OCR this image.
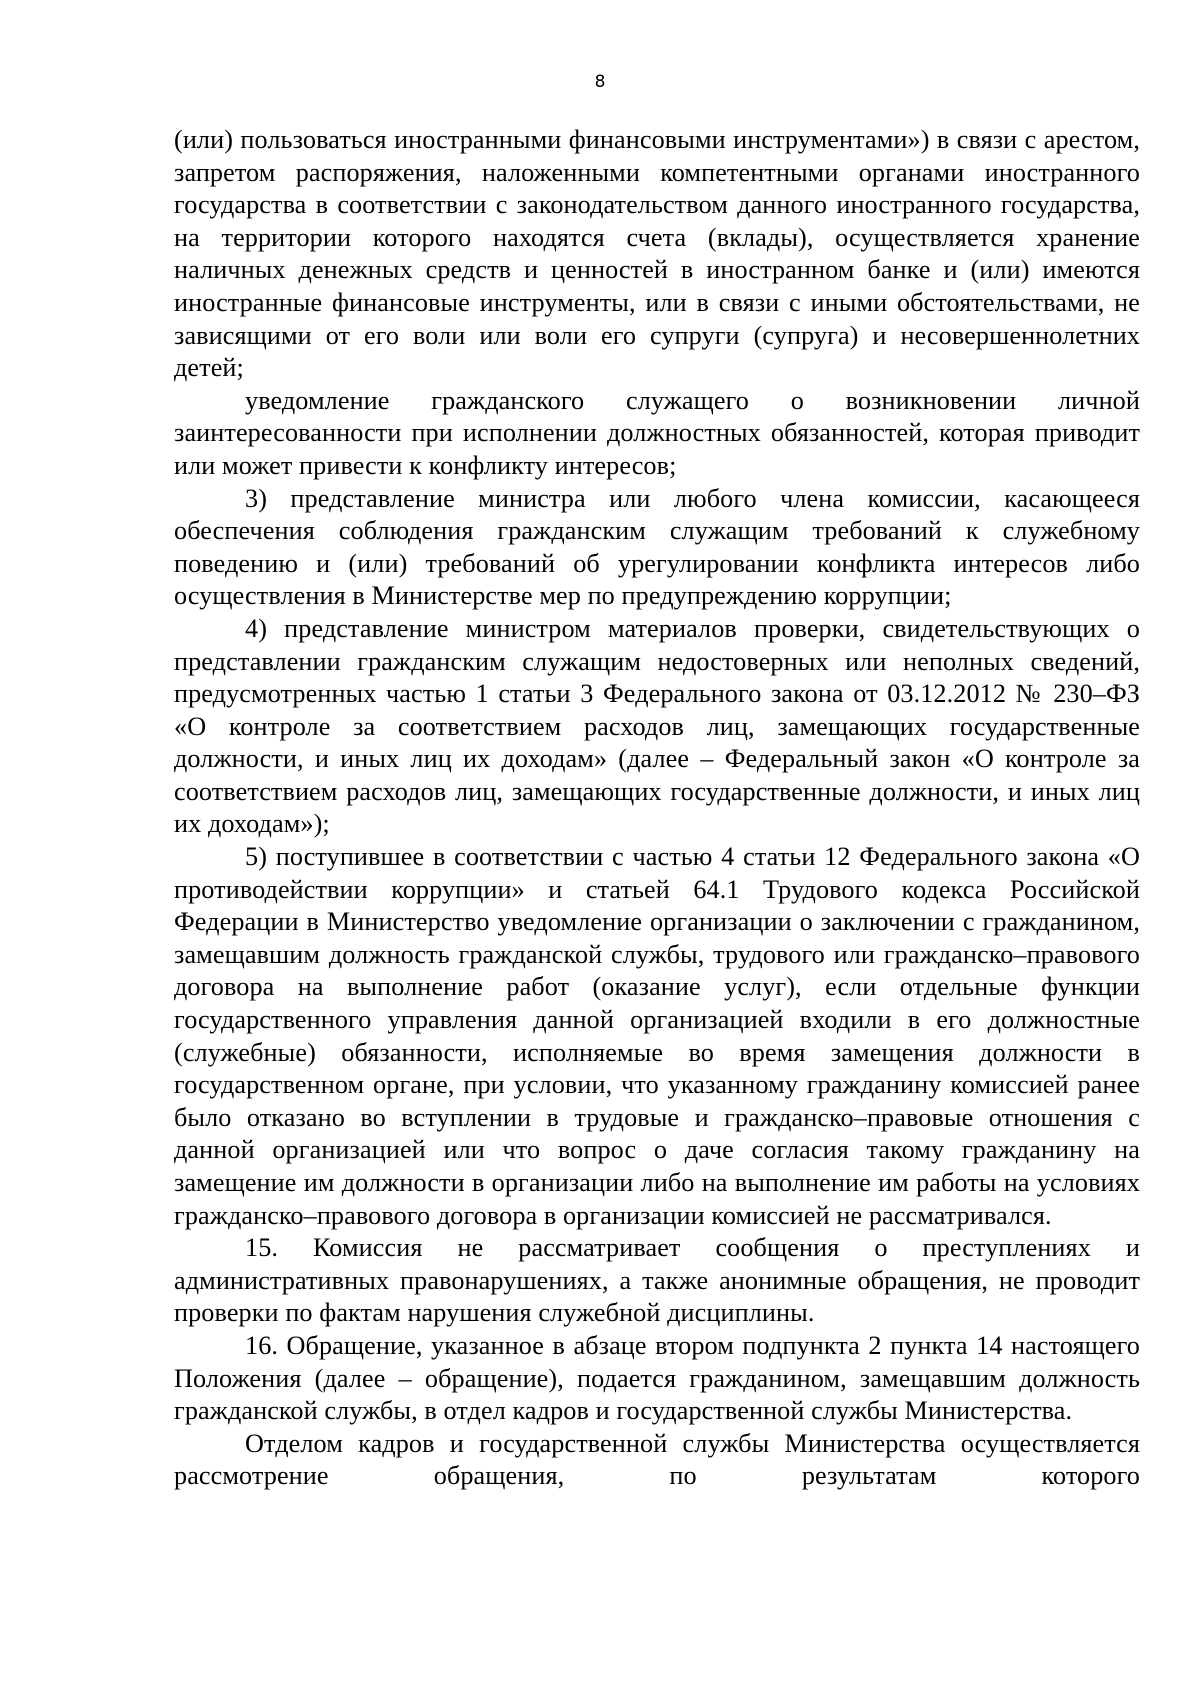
8

(или) пользоваться иностранными финансовыми инструментами») в связи с арестом, запретом распоряжения, наложенными компетентными органами иностранного государства в соответствии с законодательством данного иностранного государства, на территории которого находятся счета (вклады), осуществляется хранение наличных денежных средств и ценностей в иностранном банке и (или) имеются иностранные финансовые инструменты, или в связи с иными обстоятельствами, не зависящими от его воли или воли его супруги (супруга) и несовершеннолетних детей;

уведомление гражданского служащего о возникновении личной заинтересованности при исполнении должностных обязанностей, которая приводит или может привести к конфликту интересов;

3) представление министра или любого члена комиссии, касающееся обеспечения соблюдения гражданским служащим требований к служебному поведению и (или) требований об урегулировании конфликта интересов либо осуществления в Министерстве мер по предупреждению коррупции;

4) представление министром материалов проверки, свидетельствующих о представлении гражданским служащим недостоверных или неполных сведений, предусмотренных частью 1 статьи 3 Федерального закона от 03.12.2012 № 230–ФЗ «О контроле за соответствием расходов лиц, замещающих государственные должности, и иных лиц их доходам» (далее – Федеральный закон «О контроле за соответствием расходов лиц, замещающих государственные должности, и иных лиц их доходам»);

5) поступившее в соответствии с частью 4 статьи 12 Федерального закона «О противодействии коррупции» и статьей 64.1 Трудового кодекса Российской Федерации в Министерство уведомление организации о заключении с гражданином, замещавшим должность гражданской службы, трудового или гражданско–правового договора на выполнение работ (оказание услуг), если отдельные функции государственного управления данной организацией входили в его должностные (служебные) обязанности, исполняемые во время замещения должности в государственном органе, при условии, что указанному гражданину комиссией ранее было отказано во вступлении в трудовые и гражданско–правовые отношения с данной организацией или что вопрос о даче согласия такому гражданину на замещение им должности в организации либо на выполнение им работы на условиях гражданско–правового договора в организации комиссией не рассматривался.

15. Комиссия не рассматривает сообщения о преступлениях и административных правонарушениях, а также анонимные обращения, не проводит проверки по фактам нарушения служебной дисциплины.

16. Обращение, указанное в абзаце втором подпункта 2 пункта 14 настоящего Положения (далее – обращение), подается гражданином, замещавшим должность гражданской службы, в отдел кадров и государственной службы Министерства.

Отделом кадров и государственной службы Министерства осуществляется рассмотрение обращения, по результатам которого
